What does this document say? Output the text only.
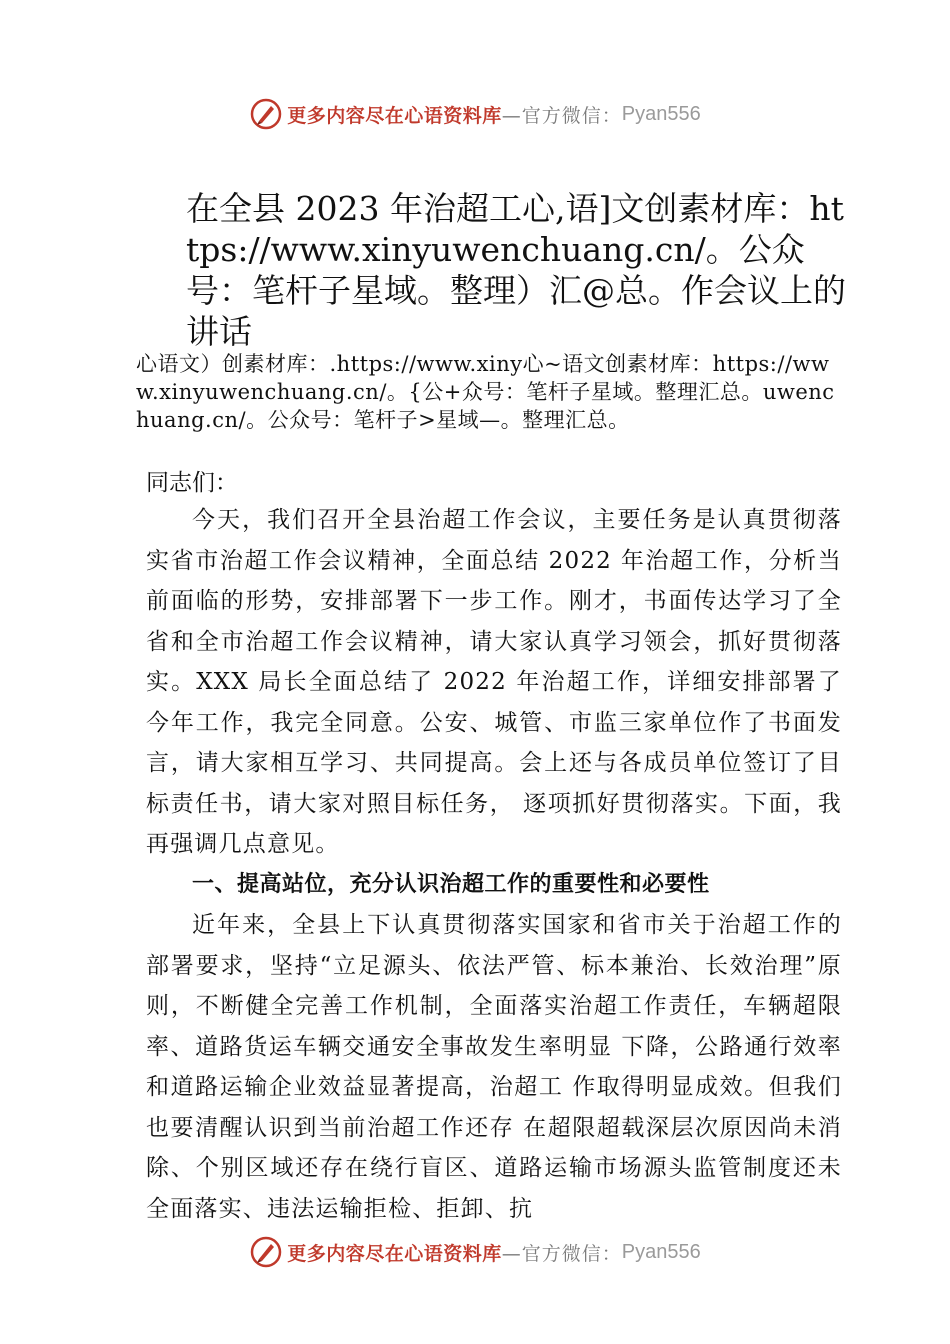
更多内容尽在心语资料库 —官方微信： Pyan556
在全县 2023 年治超工心,语]文创素材库：https://www.xinyuwenchuang.cn/。公众号：笔杆子星域。整理）汇@总。作会议上的讲话

心语文）创素材库：.https://www.xiny心~语文创素材库：https://www.xinyuwenchuang.cn/。{公+众号：笔杆子星域。整理汇总。uwenchuang.cn/。公众号：笔杆子>星域—。整理汇总。

同志们：

今天，我们召开全县治超工作会议，主要任务是认真贯彻落实省市治超工作会议精神，全面总结 2022 年治超工作，分析当前面临的形势，安排部署下一步工作。刚才，书面传达学习了全省和全市治超工作会议精神，请大家认真学习领会，抓好贯彻落实。XXX 局长全面总结了 2022 年治超工作，详细安排部署了今年工作，我完全同意。公安、城管、市监三家单位作了书面发言，请大家相互学习、共同提高。会上还与各成员单位签订了目标责任书，请大家对照目标任务， 逐项抓好贯彻落实。下面，我再强调几点意见。

一、提高站位，充分认识治超工作的重要性和必要性

近年来，全县上下认真贯彻落实国家和省市关于治超工作的部署要求，坚持“立足源头、依法严管、标本兼治、长效治理”原则，不断健全完善工作机制，全面落实治超工作责任，车辆超限率、道路货运车辆交通安全事故发生率明显 下降，公路通行效率和道路运输企业效益显著提高，治超工 作取得明显成效。但我们也要清醒认识到当前治超工作还存 在超限超载深层次原因尚未消除、个别区域还存在绕行盲区、道路运输市场源头监管制度还未全面落实、违法运输拒检、拒卸、抗

更多内容尽在心语资料库 —官方微信： Pyan556
